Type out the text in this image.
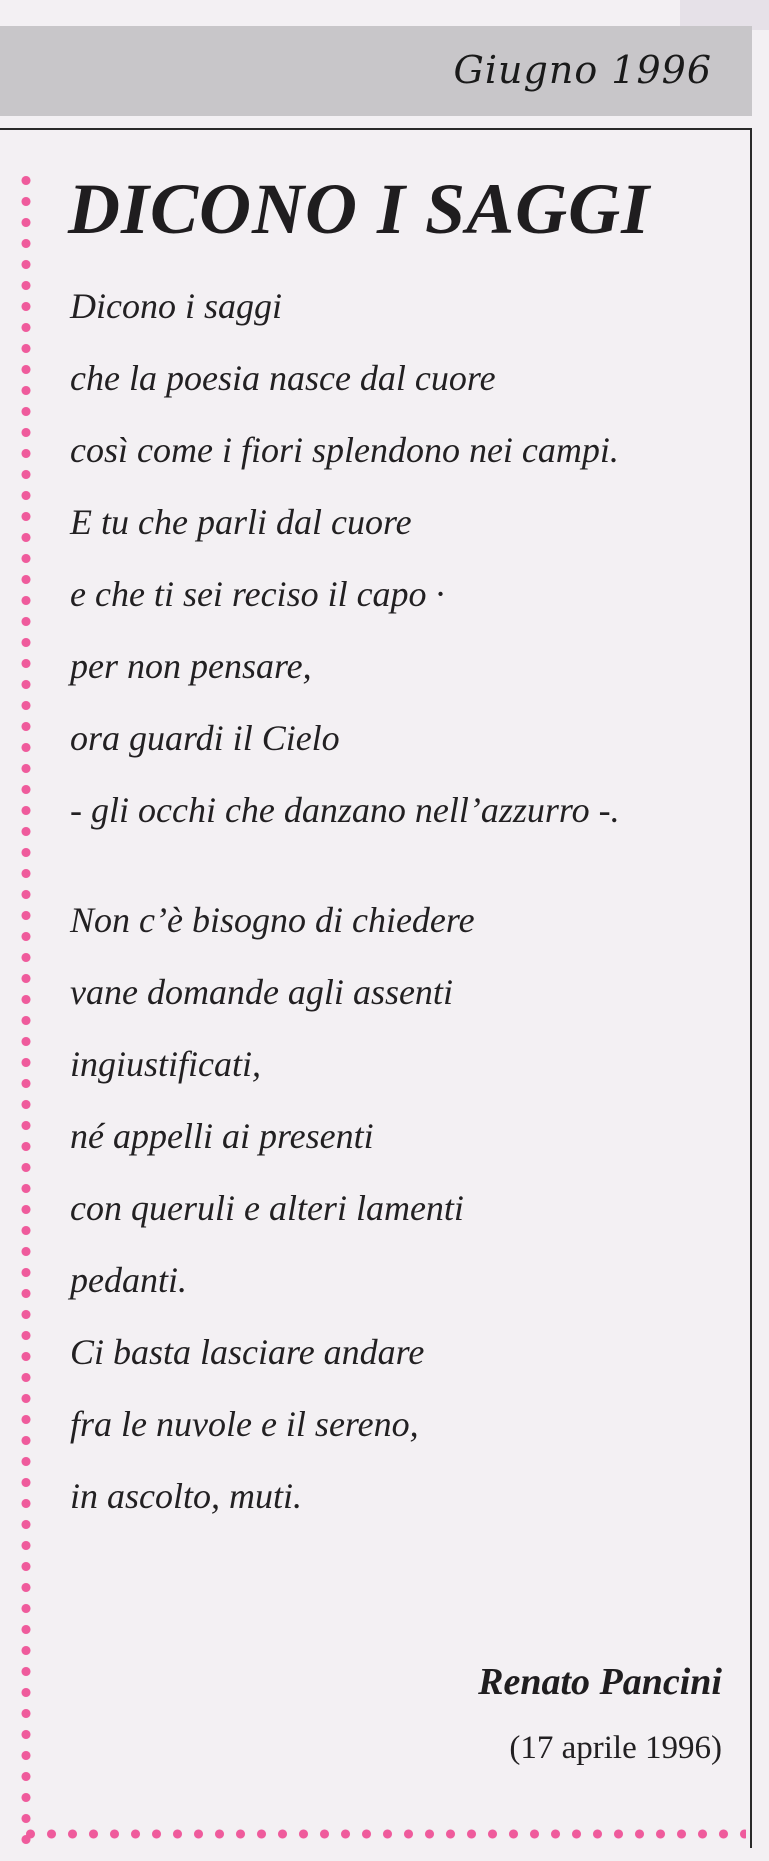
Giugno 1996
DICONO I SAGGI
Dicono i saggi
che la poesia nasce dal cuore
così come i fiori splendono nei campi.
E tu che parli dal cuore
e che ti sei reciso il capo ·
per non pensare,
ora guardi il Cielo
- gli occhi che danzano nell’azzurro -.
Non c’è bisogno di chiedere
vane domande agli assenti
ingiustificati,
né appelli ai presenti
con queruli e alteri lamenti
pedanti.
Ci basta lasciare andare
fra le nuvole e il sereno,
in ascolto, muti.
Renato Pancini
(17 aprile 1996)
